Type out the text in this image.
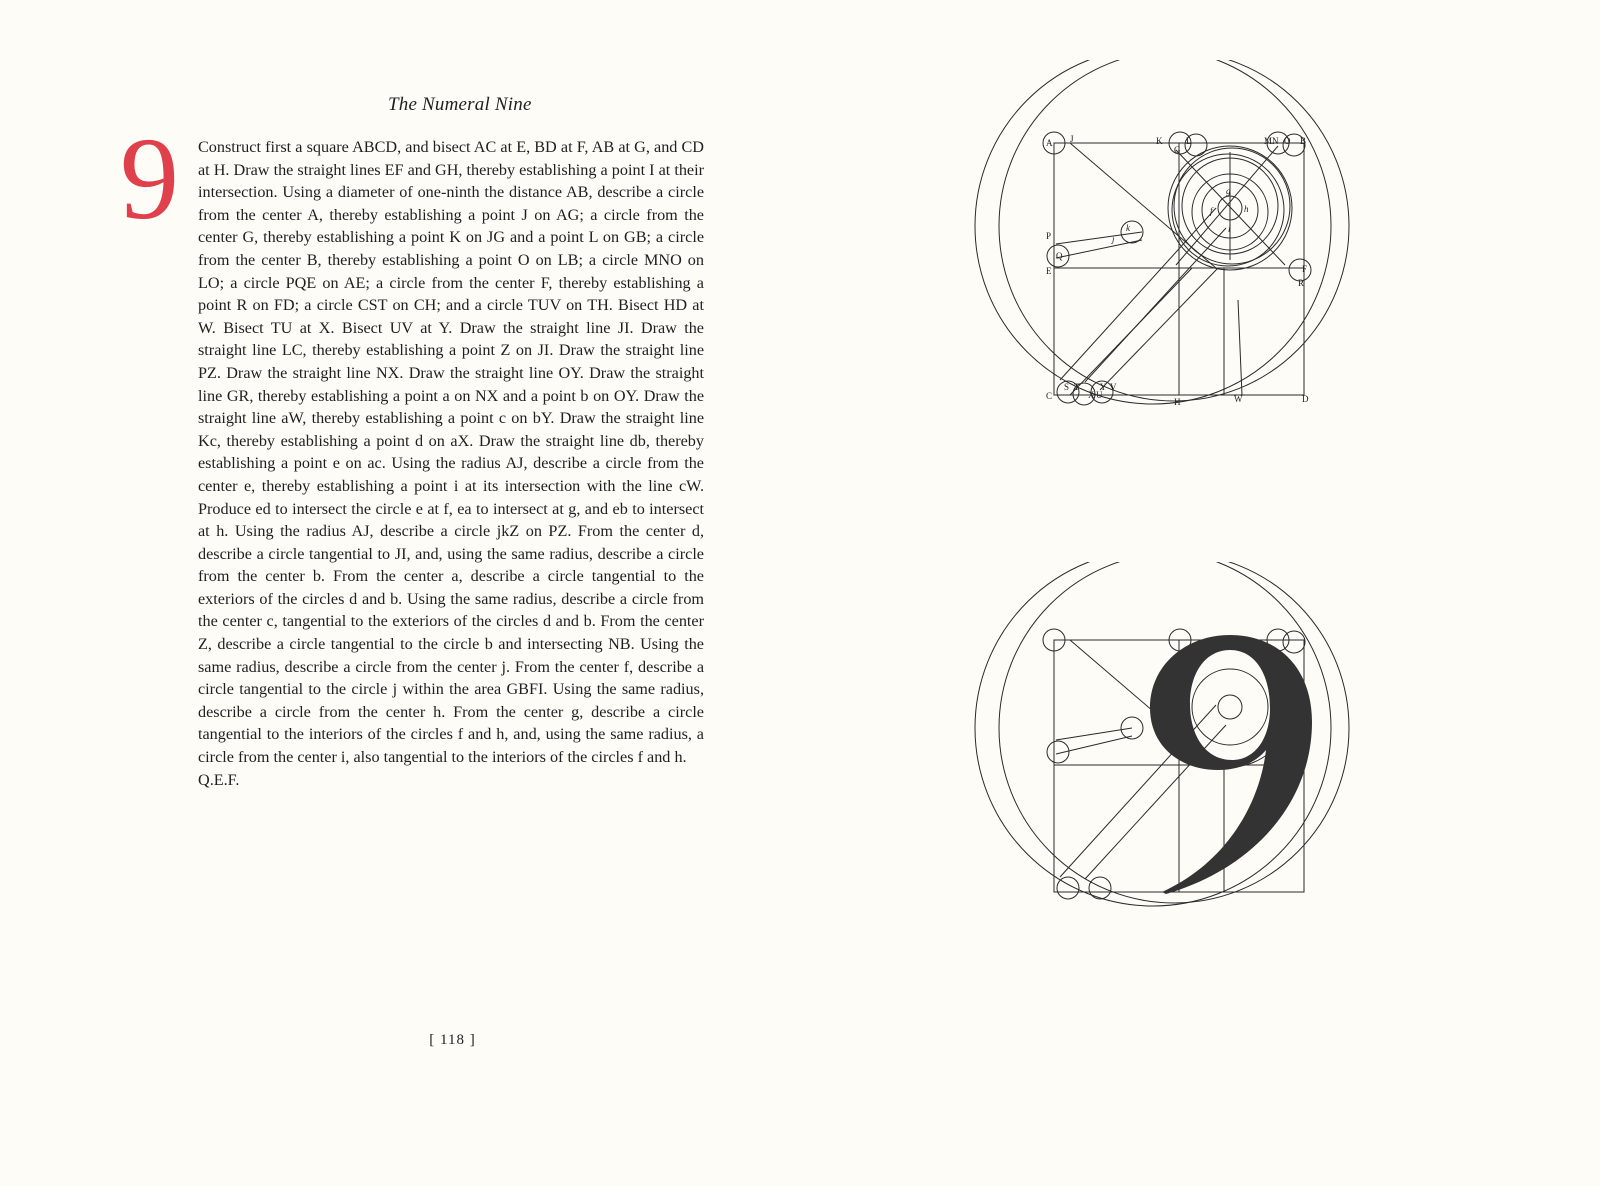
The Numeral Nine
9 Construct first a square ABCD, and bisect AC at E, BD at F, AB at G, and CD at H. Draw the straight lines EF and GH, thereby establishing a point I at their intersection. Using a diameter of one-ninth the distance AB, describe a circle from the center A, thereby establishing a point J on AG; a circle from the center G, thereby establishing a point K on JG and a point L on GB; a circle from the center B, thereby establishing a point O on LB; a circle MNO on LO; a circle PQE on AE; a circle from the center F, thereby establishing a point R on FD; a circle CST on CH; and a circle TUV on TH. Bisect HD at W. Bisect TU at X. Bisect UV at Y. Draw the straight line JI. Draw the straight line LC, thereby establishing a point Z on JI. Draw the straight line PZ. Draw the straight line NX. Draw the straight line OY. Draw the straight line GR, thereby establishing a point a on NX and a point b on OY. Draw the straight line aW, thereby establishing a point c on bY. Draw the straight line Kc, thereby establishing a point d on aX. Draw the straight line db, thereby establishing a point e on ac. Using the radius AJ, describe a circle from the center e, thereby establishing a point i at its intersection with the line cW. Produce ed to intersect the circle e at f, ea to intersect at g, and eb to intersect at h. Using the radius AJ, describe a circle jkZ on PZ. From the center d, describe a circle tangential to JI, and, using the same radius, describe a circle from the center b. From the center a, describe a circle tangential to the exteriors of the circles d and b. Using the same radius, describe a circle from the center c, tangential to the exteriors of the circles d and b. From the center Z, describe a circle tangential to the circle b and intersecting NB. Using the same radius, describe a circle from the center j. From the center f, describe a circle tangential to the circle j within the area GBFI. Using the same radius, describe a circle from the center h. From the center g, describe a circle tangential to the interiors of the circles f and h, and, using the same radius, a circle from the center i, also tangential to the interiors of the circles f and h.
Q.E.F.
[ 118 ]
A J	K	L	M N O B
G
P
Q
E
j
k
f
g
h
i
F
R
C
S T
X U
Y V
H	W	D
